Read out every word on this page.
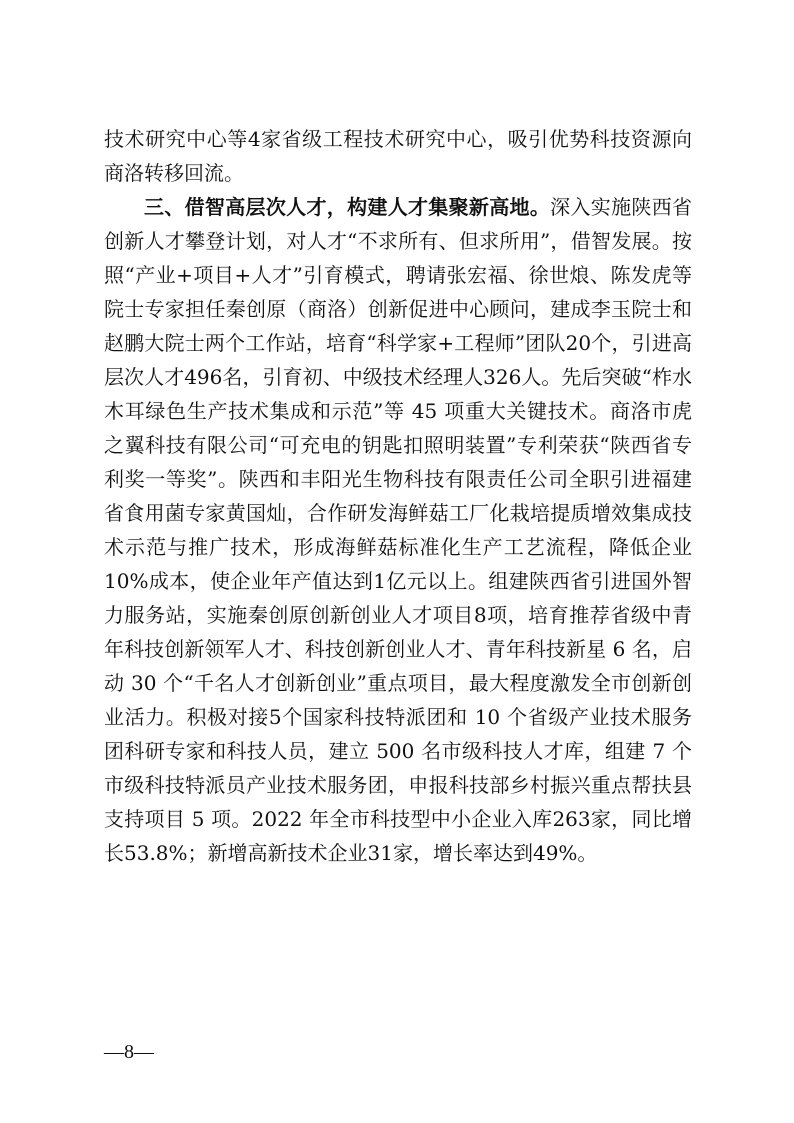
技术研究中心等4家省级工程技术研究中心，吸引优势科技资源向商洛转移回流。

三、借智高层次人才，构建人才集聚新高地。深入实施陕西省创新人才攀登计划，对人才“不求所有、但求所用”，借智发展。按照“产业+项目+人才”引育模式，聘请张宏福、徐世烺、陈发虎等院士专家担任秦创原（商洛）创新促进中心顾问，建成李玉院士和赵鹏大院士两个工作站，培育“科学家+工程师”团队20个，引进高层次人才496名，引育初、中级技术经理人326人。先后突破“柞水木耳绿色生产技术集成和示范”等 45 项重大关键技术。商洛市虎之翼科技有限公司“可充电的钥匙扣照明装置”专利荣获“陕西省专利奖一等奖”。陕西和丰阳光生物科技有限责任公司全职引进福建省食用菌专家黄国灿，合作研发海鲜菇工厂化栽培提质增效集成技术示范与推广技术，形成海鲜菇标准化生产工艺流程，降低企业10%成本，使企业年产值达到1亿元以上。组建陕西省引进国外智力服务站，实施秦创原创新创业人才项目8项，培育推荐省级中青年科技创新领军人才、科技创新创业人才、青年科技新星 6 名，启动 30 个“千名人才创新创业”重点项目，最大程度激发全市创新创业活力。积极对接5个国家科技特派团和 10 个省级产业技术服务团科研专家和科技人员，建立 500 名市级科技人才库，组建 7 个市级科技特派员产业技术服务团，申报科技部乡村振兴重点帮扶县支持项目 5 项。2022 年全市科技型中小企业入库263家，同比增长53.8%；新增高新技术企业31家，增长率达到49%。

—8—
